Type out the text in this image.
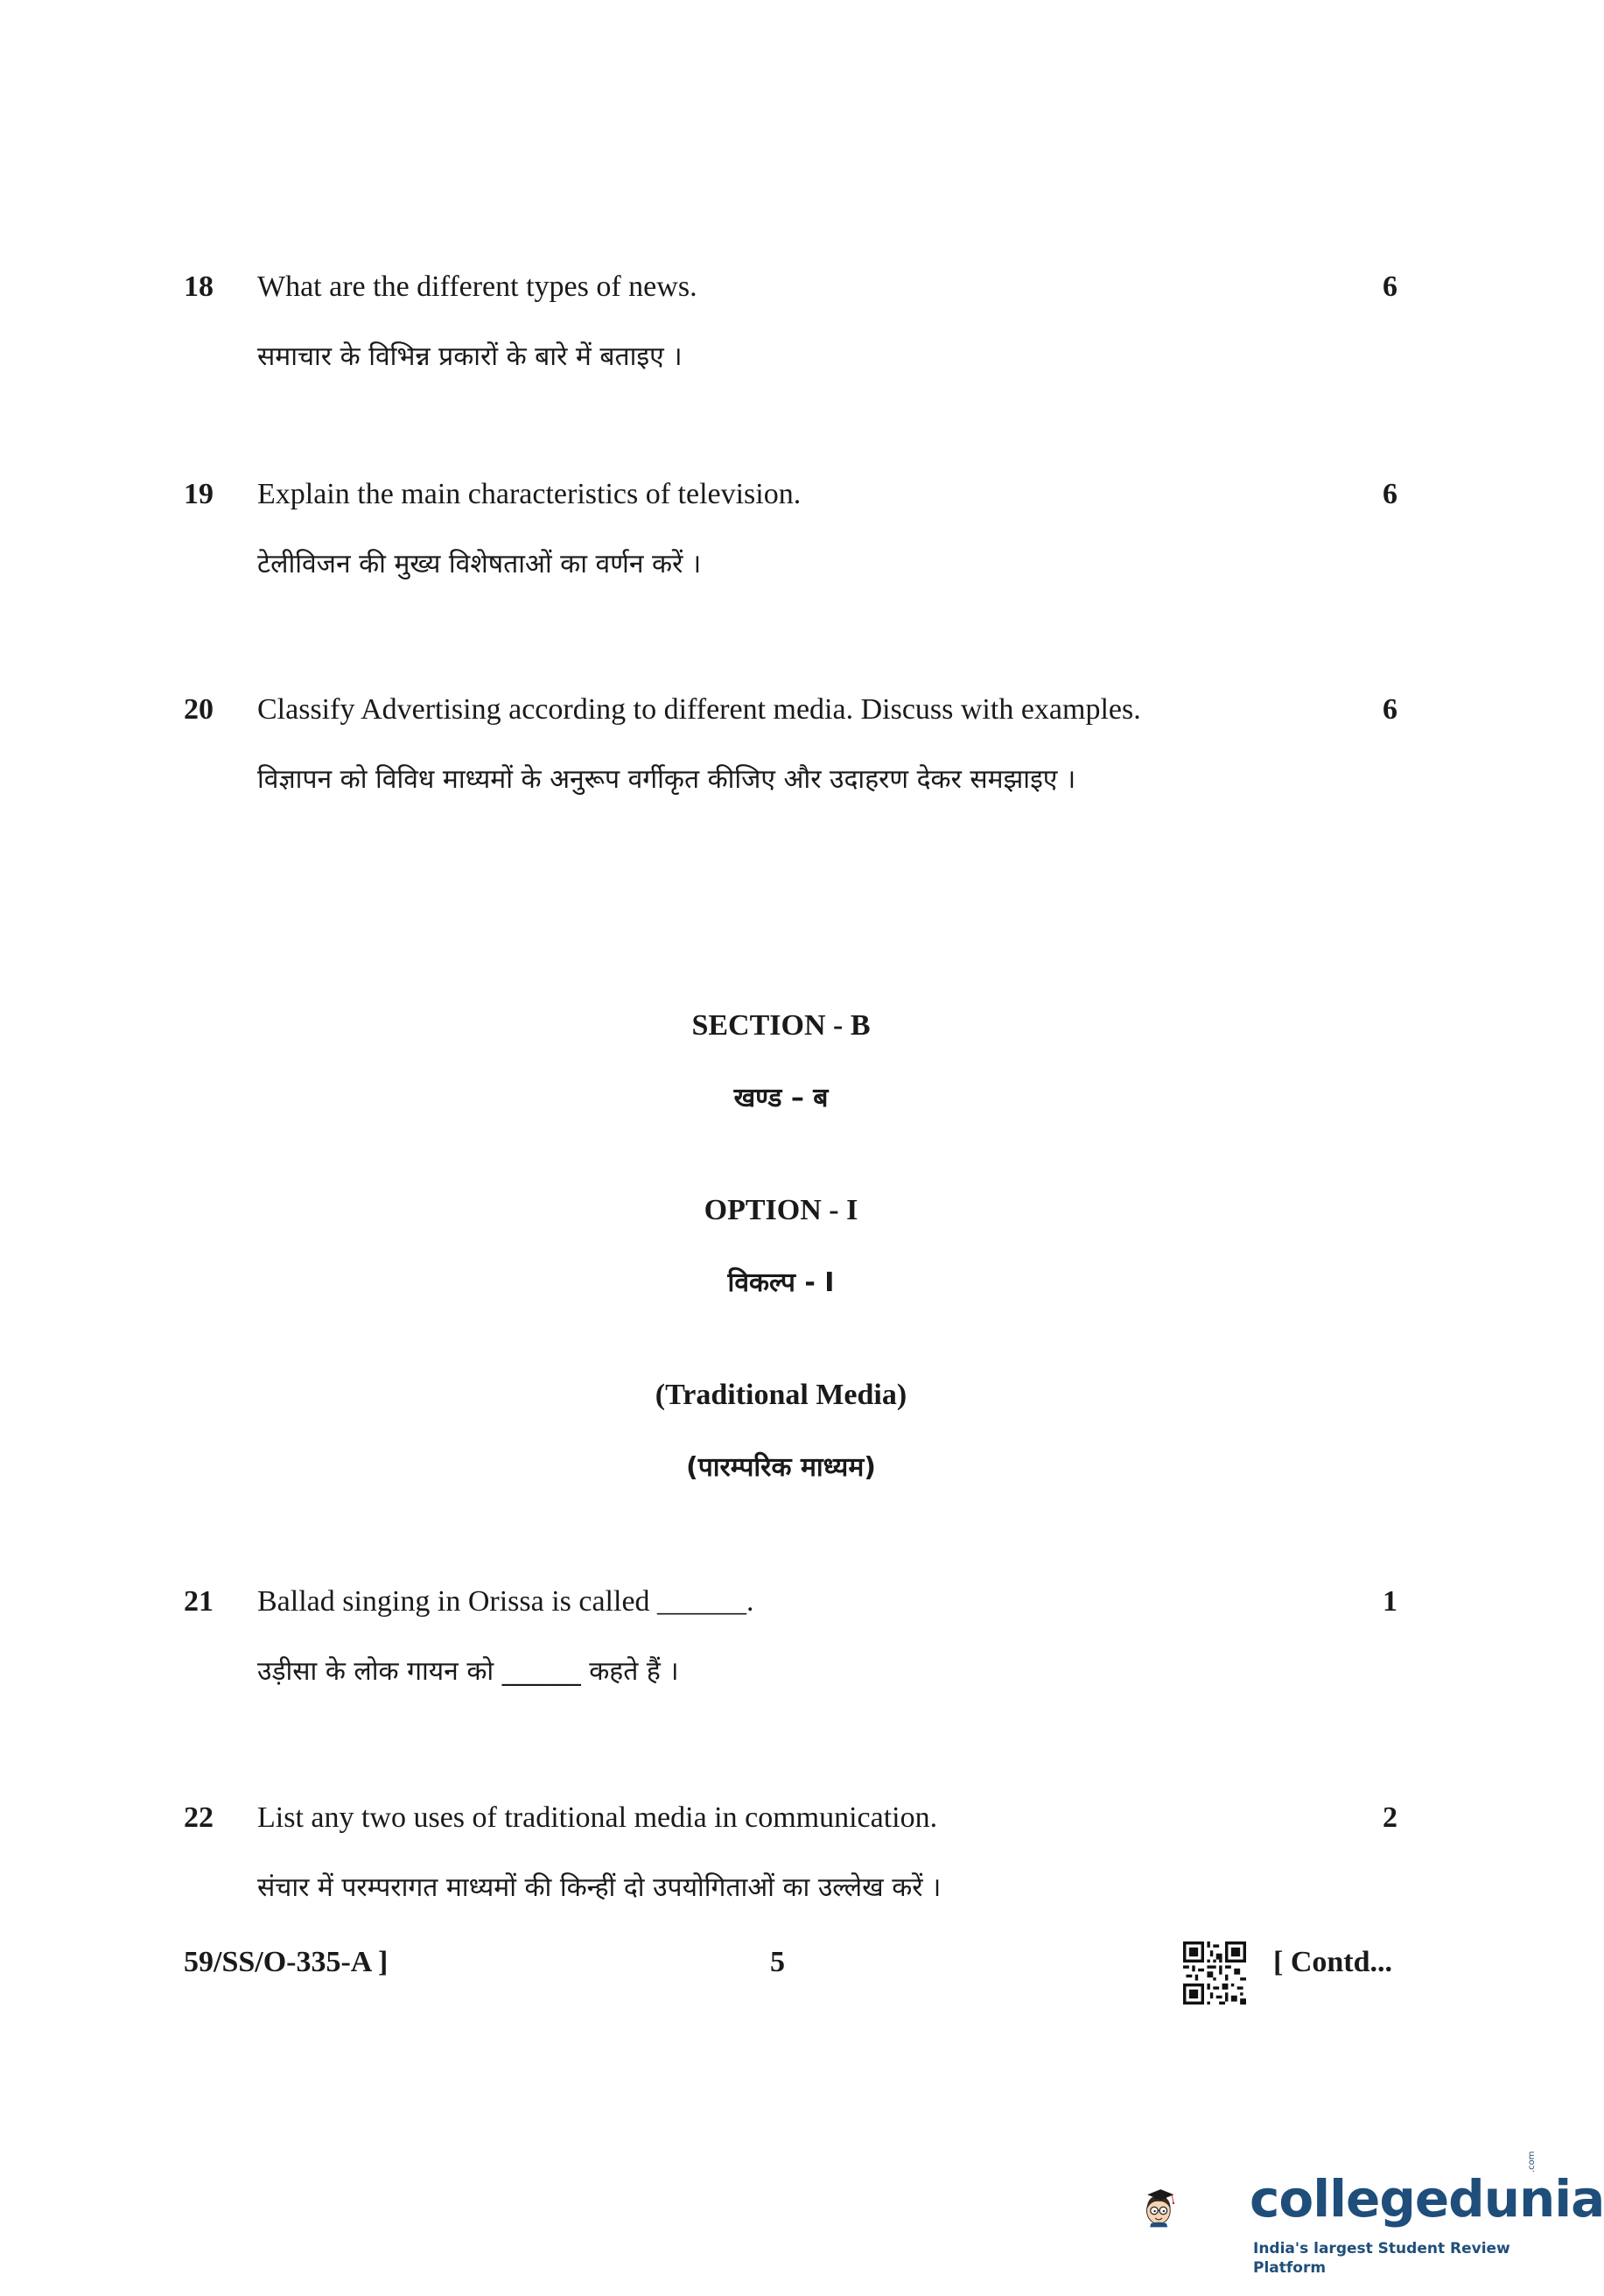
18 What are the different types of news.
समाचार के विभिन्न प्रकारों के बारे में बताइए ।
6
19 Explain the main characteristics of television.
टेलीविजन की मुख्य विशेषताओं का वर्णन करें ।
6
20 Classify Advertising according to different media. Discuss with examples.
विज्ञापन को विविध माध्यमों के अनुरूप वर्गीकृत कीजिए और उदाहरण देकर समझाइए ।
6
SECTION - B
खण्ड – ब
OPTION - I
विकल्प - I
(Traditional Media)
(पारम्परिक माध्यम)
21 Ballad singing in Orissa is called ______.
उड़ीसा के लोक गायन को ______ कहते हैं ।
1
22 List any two uses of traditional media in communication.
संचार में परम्परागत माध्यमों की किन्हीं दो उपयोगिताओं का उल्लेख करें ।
2
59/SS/O-335-A ]	5	[ Contd...
collegedunia
.com
India's largest Student Review Platform
